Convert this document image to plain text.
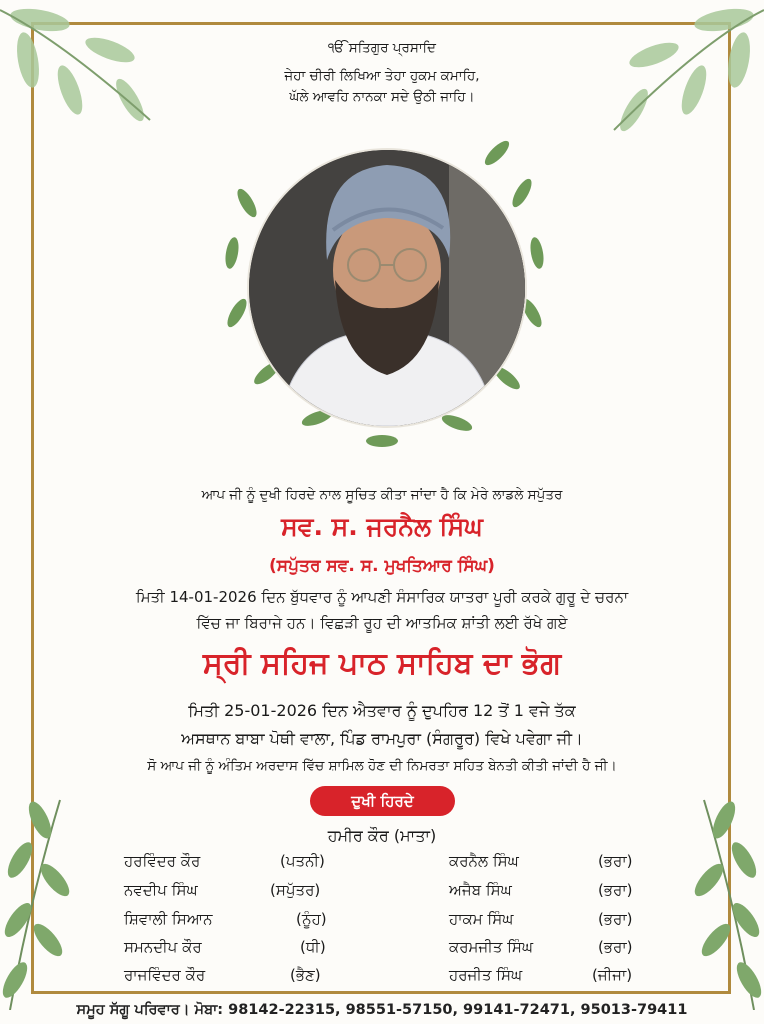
ੴ ਸਤਿਗੁਰ ਪ੍ਰਸਾਦਿ
ਜੇਹਾ ਚੀਰੀ ਲਿਖਿਆ ਤੇਹਾ ਹੁਕਮ ਕਮਾਹਿ,
ਘੱਲੇ ਆਵਹਿ ਨਾਨਕਾ ਸਦੇ ਉਠੀ ਜਾਹਿ।
ਆਪ ਜੀ ਨੂੰ ਦੁਖੀ ਹਿਰਦੇ ਨਾਲ ਸੂਚਿਤ ਕੀਤਾ ਜਾਂਦਾ ਹੈ ਕਿ ਮੇਰੇ ਲਾਡਲੇ ਸਪੁੱਤਰ
ਸਵ. ਸ. ਜਰਨੈਲ ਸਿੰਘ
(ਸਪੁੱਤਰ ਸਵ. ਸ. ਮੁਖਤਿਆਰ ਸਿੰਘ)
ਮਿਤੀ 14-01-2026 ਦਿਨ ਬੁੱਧਵਾਰ ਨੂੰ ਆਪਣੀ ਸੰਸਾਰਿਕ ਯਾਤਰਾ ਪੂਰੀ ਕਰਕੇ ਗੁਰੂ ਦੇ ਚਰਨਾ
ਵਿੱਚ ਜਾ ਬਿਰਾਜੇ ਹਨ। ਵਿਛੜੀ ਰੂਹ ਦੀ ਆਤਮਿਕ ਸ਼ਾਂਤੀ ਲਈ ਰੱਖੇ ਗਏ
ਸ੍ਰੀ ਸਹਿਜ ਪਾਠ ਸਾਹਿਬ ਦਾ ਭੋਗ
ਮਿਤੀ 25-01-2026 ਦਿਨ ਐਤਵਾਰ ਨੂੰ ਦੁਪਹਿਰ 12 ਤੋਂ 1 ਵਜੇ ਤੱਕ
ਅਸਥਾਨ ਬਾਬਾ ਪੋਥੀ ਵਾਲਾ, ਪਿੰਡ ਰਾਮਪੁਰਾ (ਸੰਗਰੂਰ) ਵਿਖੇ ਪਵੇਗਾ ਜੀ।
ਸੋ ਆਪ ਜੀ ਨੂੰ ਅੰਤਿਮ ਅਰਦਾਸ ਵਿੱਚ ਸ਼ਾਮਿਲ ਹੋਣ ਦੀ ਨਿਮਰਤਾ ਸਹਿਤ ਬੇਨਤੀ ਕੀਤੀ ਜਾਂਦੀ ਹੈ ਜੀ।
ਦੁਖੀ ਹਿਰਦੇ
ਹਮੀਰ ਕੌਰ (ਮਾਤਾ)
ਹਰਵਿੰਦਰ ਕੌਰ	(ਪਤਨੀ)
ਨਵਦੀਪ ਸਿੰਘ	(ਸਪੁੱਤਰ)
ਸ਼ਿਵਾਲੀ ਸਿਆਨ	(ਨੂੰਹ)
ਸਮਨਦੀਪ ਕੌਰ	(ਧੀ)
ਰਾਜਵਿੰਦਰ ਕੌਰ	(ਭੈਣ)
ਕਰਨੈਲ ਸਿੰਘ	(ਭਰਾ)
ਅਜੈਬ ਸਿੰਘ	(ਭਰਾ)
ਹਾਕਮ ਸਿੰਘ	(ਭਰਾ)
ਕਰਮਜੀਤ ਸਿੰਘ	(ਭਰਾ)
ਹਰਜੀਤ ਸਿੰਘ	(ਜੀਜਾ)
ਸਮੂਹ ਸੱਗੂ ਪਰਿਵਾਰ। ਮੋਬਾ: 98142-22315, 98551-57150, 99141-72471, 95013-79411
